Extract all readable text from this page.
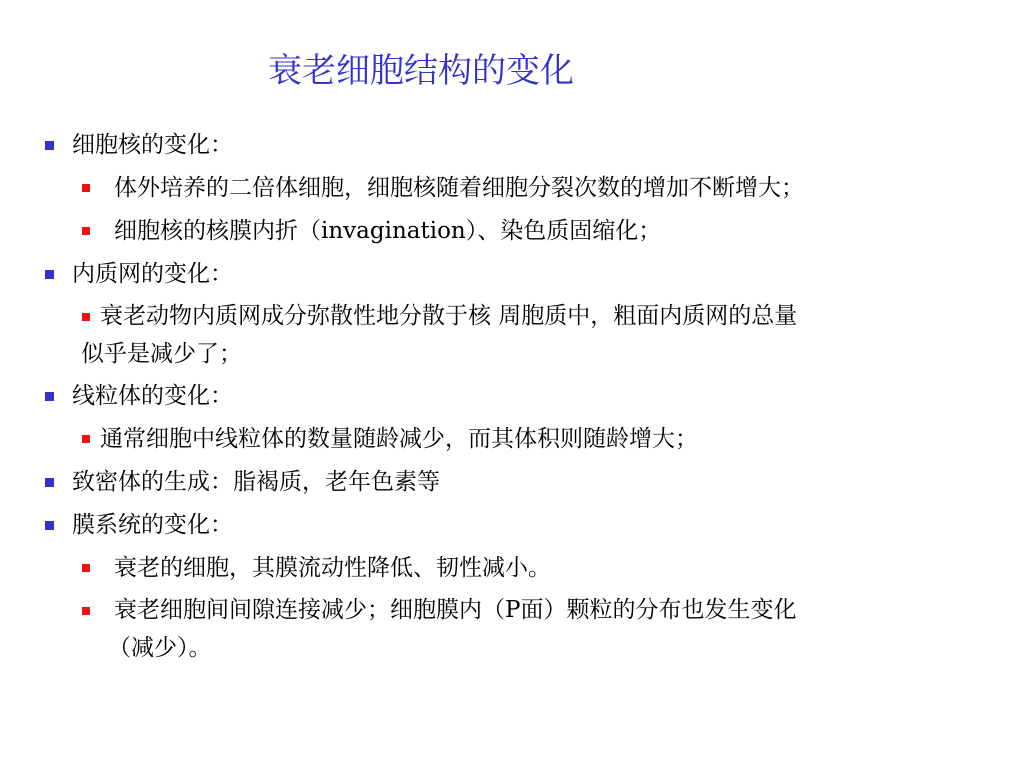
衰老细胞结构的变化
细胞核的变化：
体外培养的二倍体细胞，细胞核随着细胞分裂次数的增加不断增大；
细胞核的核膜内折（invagination）、染色质固缩化；
内质网的变化：
衰老动物内质网成分弥散性地分散于核 周胞质中，粗面内质网的总量
似乎是减少了；
线粒体的变化：
通常细胞中线粒体的数量随龄减少，而其体积则随龄增大；
致密体的生成：脂褐质，老年色素等
膜系统的变化：
衰老的细胞，其膜流动性降低、韧性减小。
衰老细胞间间隙连接减少；细胞膜内（P面）颗粒的分布也发生变化
（减少）。
